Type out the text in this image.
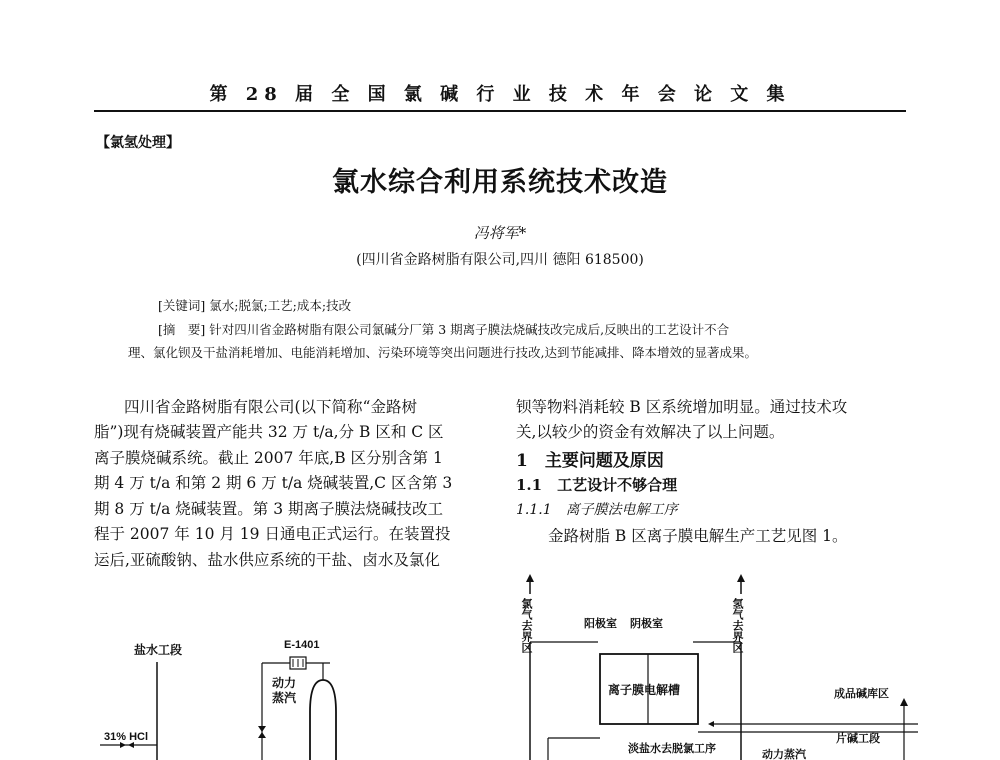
第 28 届 全 国 氯 碱 行 业 技 术 年 会 论 文 集
【氯氢处理】
氯水综合利用系统技术改造
冯将军*
(四川省金路树脂有限公司,四川 德阳 618500)
[关键词] 氯水;脱氯;工艺;成本;技改
[摘　要] 针对四川省金路树脂有限公司氯碱分厂第 3 期离子膜法烧碱技改完成后,反映出的工艺设计不合
理、氯化钡及干盐消耗增加、电能消耗增加、污染环境等突出问题进行技改,达到节能减排、降本增效的显著成果。
四川省金路树脂有限公司(以下简称“金路树
脂”)现有烧碱装置产能共 32 万 t/a,分 B 区和 C 区
离子膜烧碱系统。截止 2007 年底,B 区分别含第 1
期 4 万 t/a 和第 2 期 6 万 t/a 烧碱装置,C 区含第 3
期 8 万 t/a 烧碱装置。第 3 期离子膜法烧碱技改工
程于 2007 年 10 月 19 日通电正式运行。在装置投
运后,亚硫酸钠、盐水供应系统的干盐、卤水及氯化
钡等物料消耗较 B 区系统增加明显。通过技术攻
关,以较少的资金有效解决了以上问题。
1　主要问题及原因
1.1　工艺设计不够合理
1.1.1　离子膜法电解工序
金路树脂 B 区离子膜电解生产工艺见图 1。
盐水工段
31% HCl
E-1401
动力
蒸汽
氯气去界区	氢气去界区
阳极室 阴极室
离子膜电解槽	成品碱库区
片碱工段
淡盐水去脱氯工序	动力蒸汽
